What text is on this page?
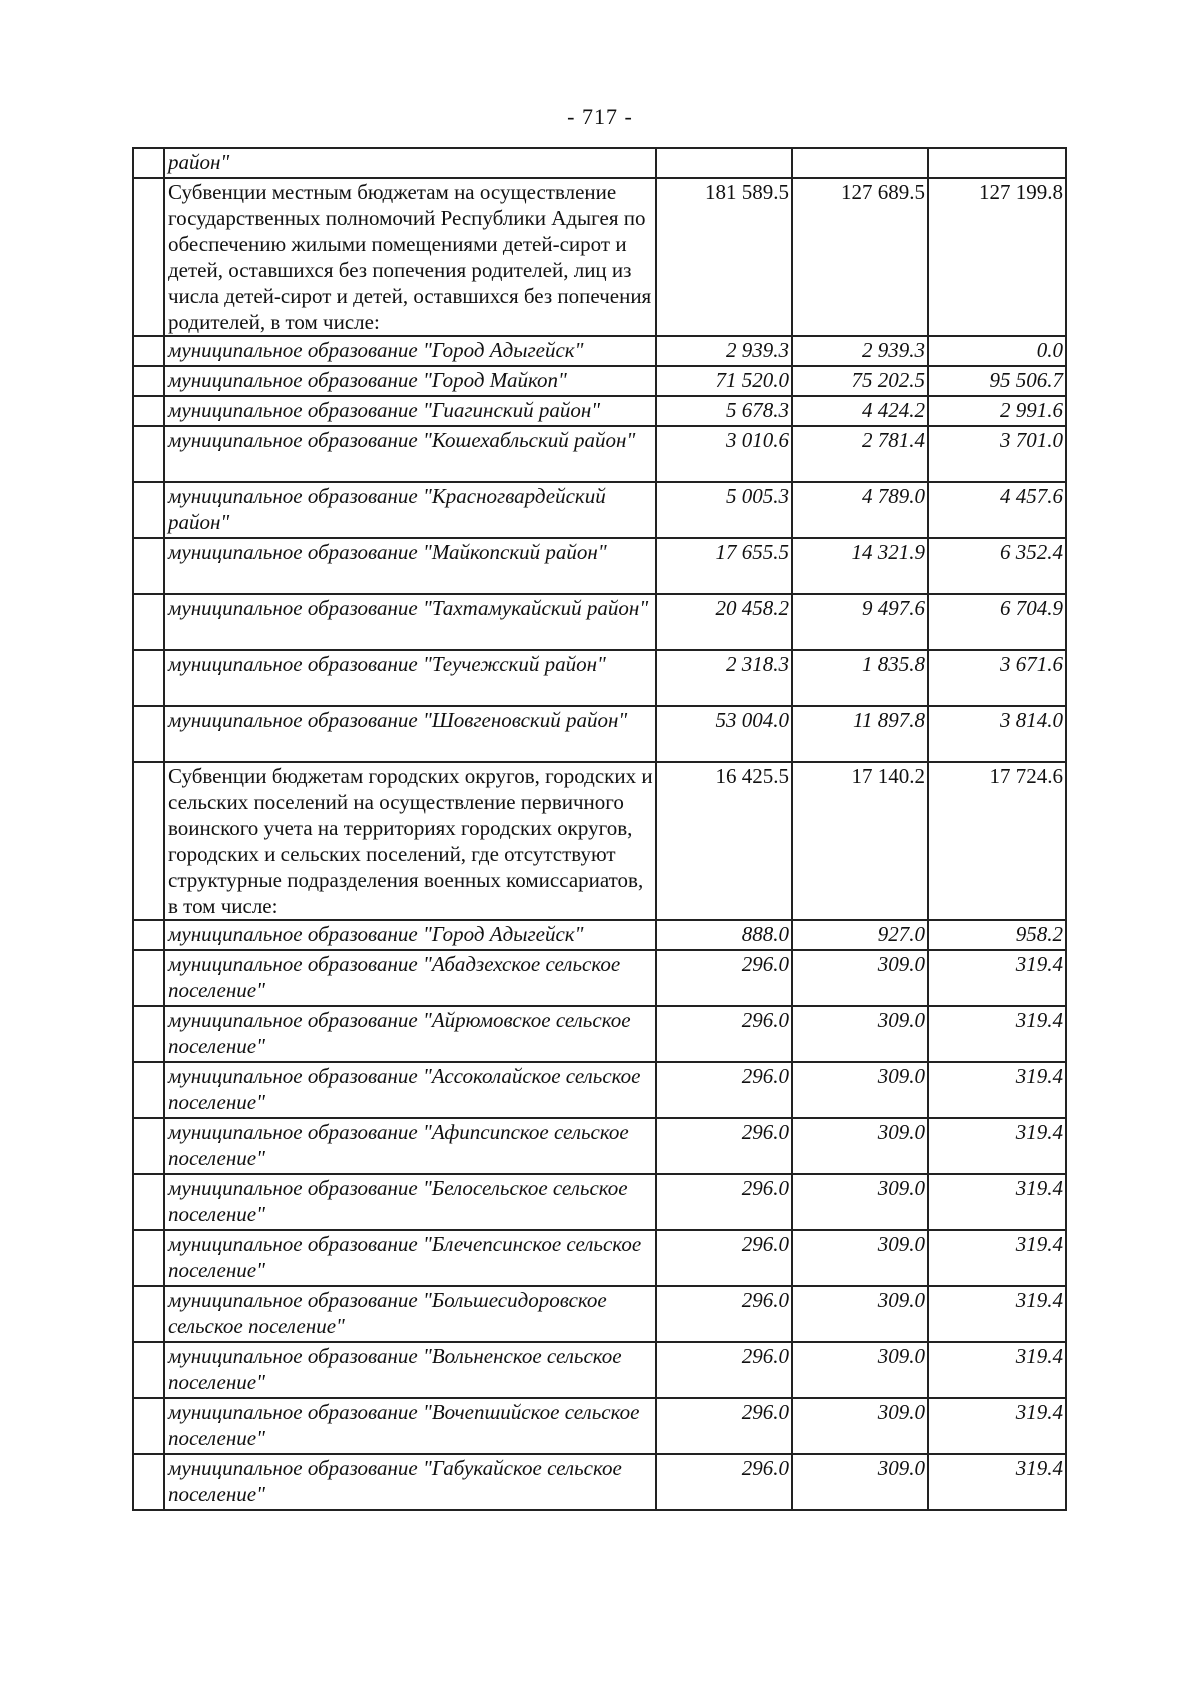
- 717 -
	район"			
	Субвенции местным бюджетам на осуществление государственных полномочий Республики Адыгея по обеспечению жилыми помещениями детей-сирот и детей, оставшихся без попечения родителей, лиц из числа детей-сирот и детей, оставшихся без попечения родителей, в том числе:	181 589.5	127 689.5	127 199.8
	муниципальное образование "Город Адыгейск"	2 939.3	2 939.3	0.0
	муниципальное образование "Город Майкоп"	71 520.0	75 202.5	95 506.7
	муниципальное образование "Гиагинский район"	5 678.3	4 424.2	2 991.6
	муниципальное образование "Кошехабльский район"	3 010.6	2 781.4	3 701.0
	муниципальное образование "Красногвардейский район"	5 005.3	4 789.0	4 457.6
	муниципальное образование "Майкопский район"	17 655.5	14 321.9	6 352.4
	муниципальное образование "Тахтамукайский район"	20 458.2	9 497.6	6 704.9
	муниципальное образование "Теучежский район"	2 318.3	1 835.8	3 671.6
	муниципальное образование "Шовгеновский район"	53 004.0	11 897.8	3 814.0
	Субвенции бюджетам городских округов, городских и сельских поселений на осуществление первичного воинского учета на территориях городских округов, городских и сельских поселений, где отсутствуют структурные подразделения военных комиссариатов, в том числе:	16 425.5	17 140.2	17 724.6
	муниципальное образование "Город Адыгейск"	888.0	927.0	958.2
	муниципальное образование "Абадзехское сельское поселение"	296.0	309.0	319.4
	муниципальное образование "Айрюмовское сельское поселение"	296.0	309.0	319.4
	муниципальное образование "Ассоколайское сельское поселение"	296.0	309.0	319.4
	муниципальное образование "Афипсипское сельское поселение"	296.0	309.0	319.4
	муниципальное образование "Белосельское сельское поселение"	296.0	309.0	319.4
	муниципальное образование "Блечепсинское сельское поселение"	296.0	309.0	319.4
	муниципальное образование "Большесидоровское сельское поселение"	296.0	309.0	319.4
	муниципальное образование "Вольненское сельское поселение"	296.0	309.0	319.4
	муниципальное образование "Вочепшийское сельское поселение"	296.0	309.0	319.4
	муниципальное образование "Габукайское сельское поселение"	296.0	309.0	319.4
